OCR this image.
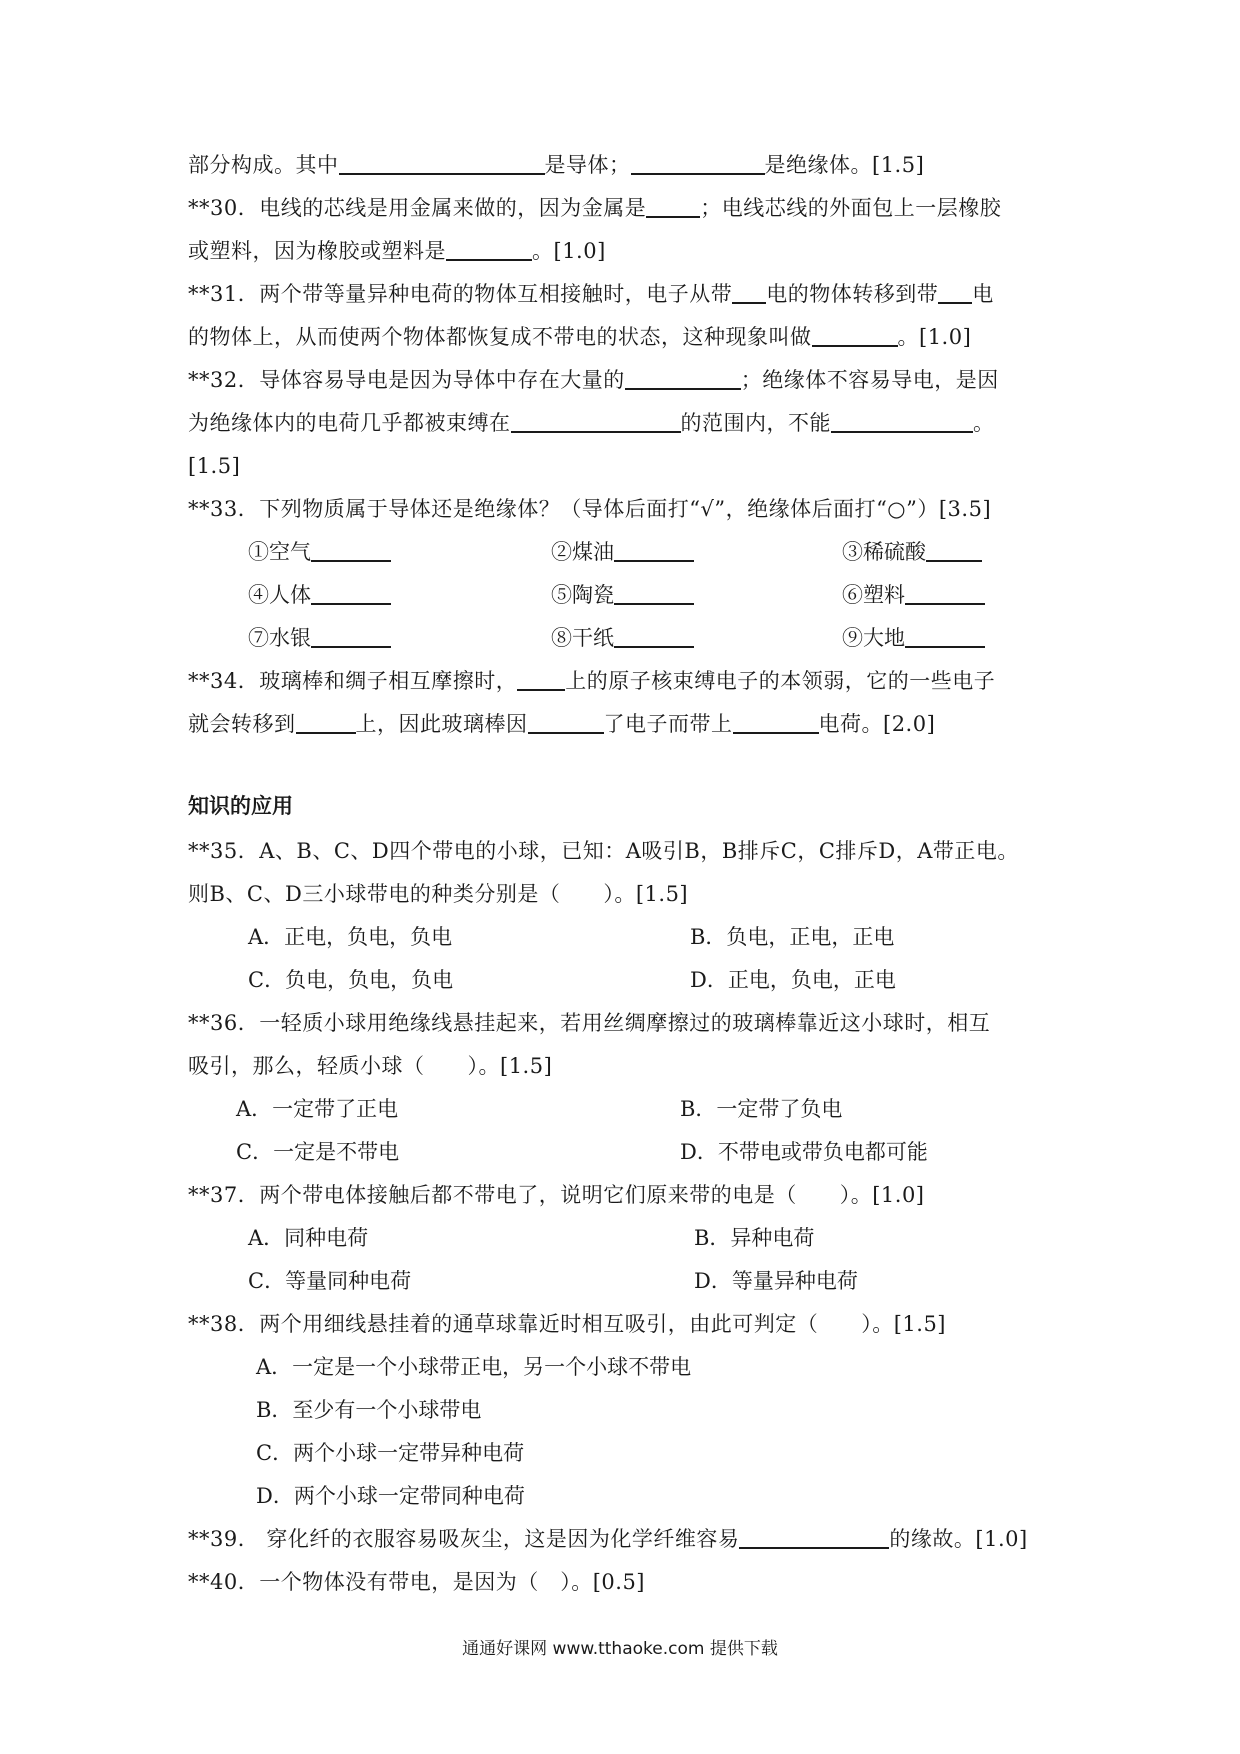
部分构成。其中	是导体；	是绝缘体。[1.5]
**30．电线的芯线是用金属来做的，因为金属是	；电线芯线的外面包上一层橡胶
或塑料，因为橡胶或塑料是	。[1.0]
**31．两个带等量异种电荷的物体互相接触时，电子从带 电的物体转移到带 电
的物体上，从而使两个物体都恢复成不带电的状态，这种现象叫做	。[1.0]
**32．导体容易导电是因为导体中存在大量的	；绝缘体不容易导电，是因
为绝缘体内的电荷几乎都被束缚在	的范围内，不能	。
[1.5]
**33．下列物质属于导体还是绝缘体？（导体后面打“√”，绝缘体后面打“○”）[3.5]
①空气	②煤油	③稀硫酸
④人体	⑤陶瓷	⑥塑料
⑦水银	⑧干纸	⑨大地
**34．玻璃棒和绸子相互摩擦时， 上的原子核束缚电子的本领弱，它的一些电子
就会转移到	上，因此玻璃棒因	了电子而带上	电荷。[2.0]
知识的应用
**35．A、B、C、D四个带电的小球，已知：A吸引B，B排斥C，C排斥D，A带正电。
则B、C、D三小球带电的种类分别是（　　）。[1.5]
A．正电，负电，负电	B．负电，正电，正电
C．负电，负电，负电	D．正电，负电，正电
**36．一轻质小球用绝缘线悬挂起来，若用丝绸摩擦过的玻璃棒靠近这小球时，相互
吸引，那么，轻质小球（　　）。[1.5]
A．一定带了正电	B．一定带了负电
C．一定是不带电	D．不带电或带负电都可能
**37．两个带电体接触后都不带电了，说明它们原来带的电是（　　）。[1.0]
A．同种电荷	B．异种电荷
C．等量同种电荷	D．等量异种电荷
**38．两个用细线悬挂着的通草球靠近时相互吸引，由此可判定（　　）。[1.5]
A．一定是一个小球带正电，另一个小球不带电
B．至少有一个小球带电
C．两个小球一定带异种电荷
D．两个小球一定带同种电荷
**39． 穿化纤的衣服容易吸灰尘，这是因为化学纤维容易	的缘故。[1.0]
**40．一个物体没有带电，是因为（　）。[0.5]
通通好课网 www.tthaoke.com 提供下载
